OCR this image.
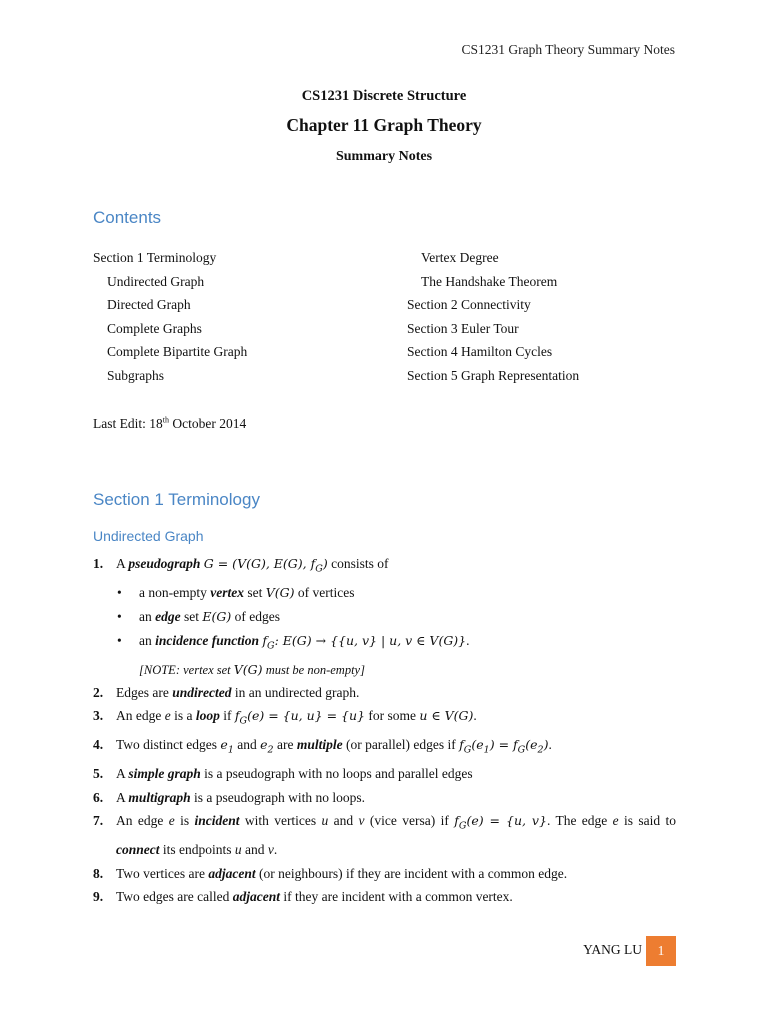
CS1231 Graph Theory Summary Notes
CS1231 Discrete Structure
Chapter 11 Graph Theory
Summary Notes
Contents
Section 1 Terminology
Undirected Graph
Directed Graph
Complete Graphs
Complete Bipartite Graph
Subgraphs
Vertex Degree
The Handshake Theorem
Section 2 Connectivity
Section 3 Euler Tour
Section 4 Hamilton Cycles
Section 5 Graph Representation
Last Edit: 18th October 2014
Section 1 Terminology
Undirected Graph
1. A pseudograph G = (V(G), E(G), $f_G$) consists of
• a non-empty vertex set V(G) of vertices
• an edge set E(G) of edges
• an incidence function $f_G$: E(G) → {{u, v} | u, v ∈ V(G)}.
[NOTE: vertex set V(G) must be non-empty]
2. Edges are undirected in an undirected graph.
3. An edge e is a loop if $f_G(e) = \{u$, u} = {u} for some u ∈ V(G).
4. Two distinct edges $e_1$ and $e_2$ are multiple (or parallel) edges if $f_G(e_1) = f_G(e_2)$.
5. A simple graph is a pseudograph with no loops and parallel edges
6. A multigraph is a pseudograph with no loops.
7. An edge e is incident with vertices u and v (vice versa) if $f_G(e) = \{u$, v}. The edge e is said to connect its endpoints u and v.
8. Two vertices are adjacent (or neighbours) if they are incident with a common edge.
9. Two edges are called adjacent if they are incident with a common vertex.
YANG LU	1
